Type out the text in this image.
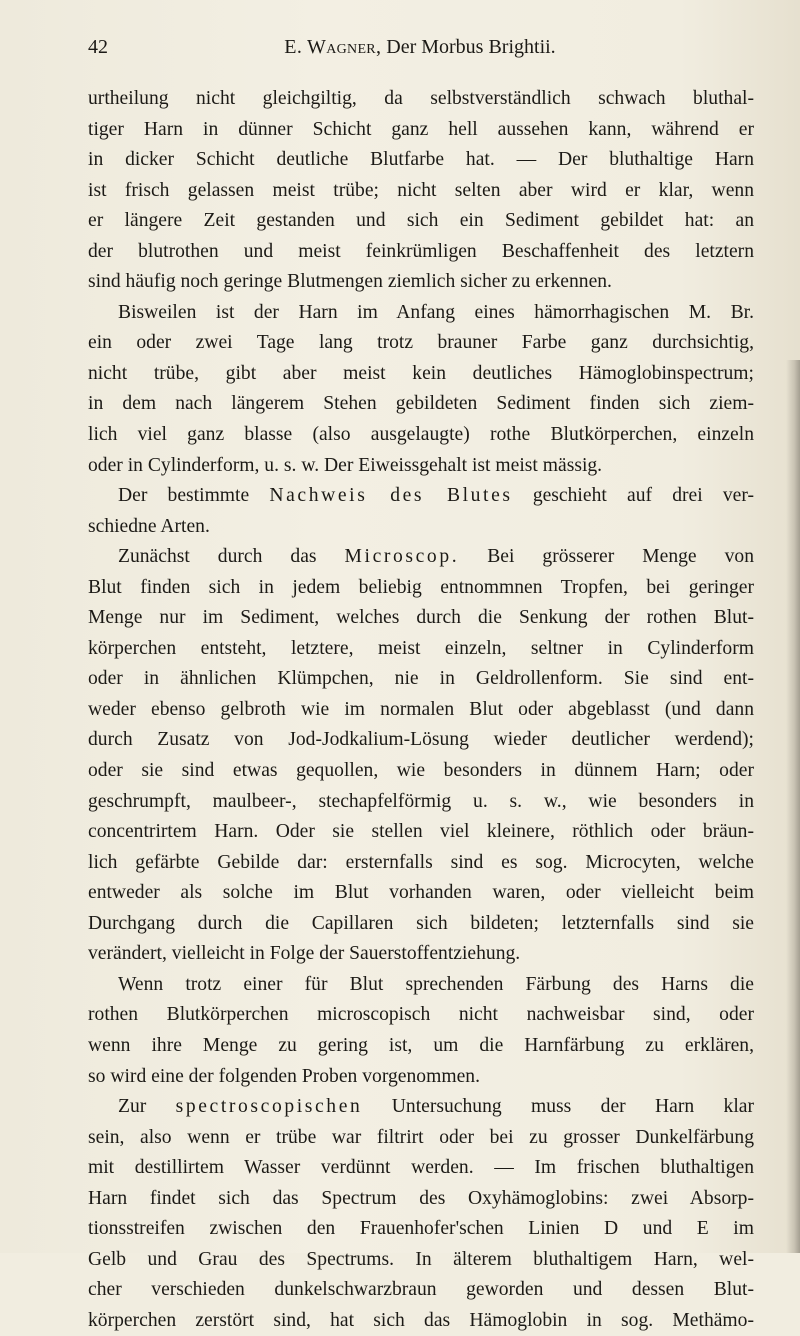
42	E. Wagner, Der Morbus Brightii.
urtheilung nicht gleichgiltig, da selbstverständlich schwach bluthal-
tiger Harn in dünner Schicht ganz hell aussehen kann, während er
in dicker Schicht deutliche Blutfarbe hat. — Der bluthaltige Harn
ist frisch gelassen meist trübe; nicht selten aber wird er klar, wenn
er längere Zeit gestanden und sich ein Sediment gebildet hat: an
der blutrothen und meist feinkrümligen Beschaffenheit des letztern
sind häufig noch geringe Blutmengen ziemlich sicher zu erkennen.
Bisweilen ist der Harn im Anfang eines hämorrhagischen M. Br.
ein oder zwei Tage lang trotz brauner Farbe ganz durchsichtig,
nicht trübe, gibt aber meist kein deutliches Hämoglobinspectrum;
in dem nach längerem Stehen gebildeten Sediment finden sich ziem-
lich viel ganz blasse (also ausgelaugte) rothe Blutkörperchen, einzeln
oder in Cylinderform, u. s. w. Der Eiweissgehalt ist meist mässig.
Der bestimmte Nachweis des Blutes geschieht auf drei ver-
schiedne Arten.
Zunächst durch das Microscop. Bei grösserer Menge von
Blut finden sich in jedem beliebig entnommnen Tropfen, bei geringer
Menge nur im Sediment, welches durch die Senkung der rothen Blut-
körperchen entsteht, letztere, meist einzeln, seltner in Cylinderform
oder in ähnlichen Klümpchen, nie in Geldrollenform. Sie sind ent-
weder ebenso gelbroth wie im normalen Blut oder abgeblasst (und dann
durch Zusatz von Jod-Jodkalium-Lösung wieder deutlicher werdend);
oder sie sind etwas gequollen, wie besonders in dünnem Harn; oder
geschrumpft, maulbeer-, stechapfelförmig u. s. w., wie besonders in
concentrirtem Harn. Oder sie stellen viel kleinere, röthlich oder bräun-
lich gefärbte Gebilde dar: ersternfalls sind es sog. Microcyten, welche
entweder als solche im Blut vorhanden waren, oder vielleicht beim
Durchgang durch die Capillaren sich bildeten; letzternfalls sind sie
verändert, vielleicht in Folge der Sauerstoffentziehung.
Wenn trotz einer für Blut sprechenden Färbung des Harns die
rothen Blutkörperchen microscopisch nicht nachweisbar sind, oder
wenn ihre Menge zu gering ist, um die Harnfärbung zu erklären,
so wird eine der folgenden Proben vorgenommen.
Zur spectroscopischen Untersuchung muss der Harn klar
sein, also wenn er trübe war filtrirt oder bei zu grosser Dunkelfärbung
mit destillirtem Wasser verdünnt werden. — Im frischen bluthaltigen
Harn findet sich das Spectrum des Oxyhämoglobins: zwei Absorp-
tionsstreifen zwischen den Frauenhofer'schen Linien D und E im
Gelb und Grau des Spectrums. In älterem bluthaltigem Harn, wel-
cher verschieden dunkelschwarzbraun geworden und dessen Blut-
körperchen zerstört sind, hat sich das Hämoglobin in sog. Methämo-
